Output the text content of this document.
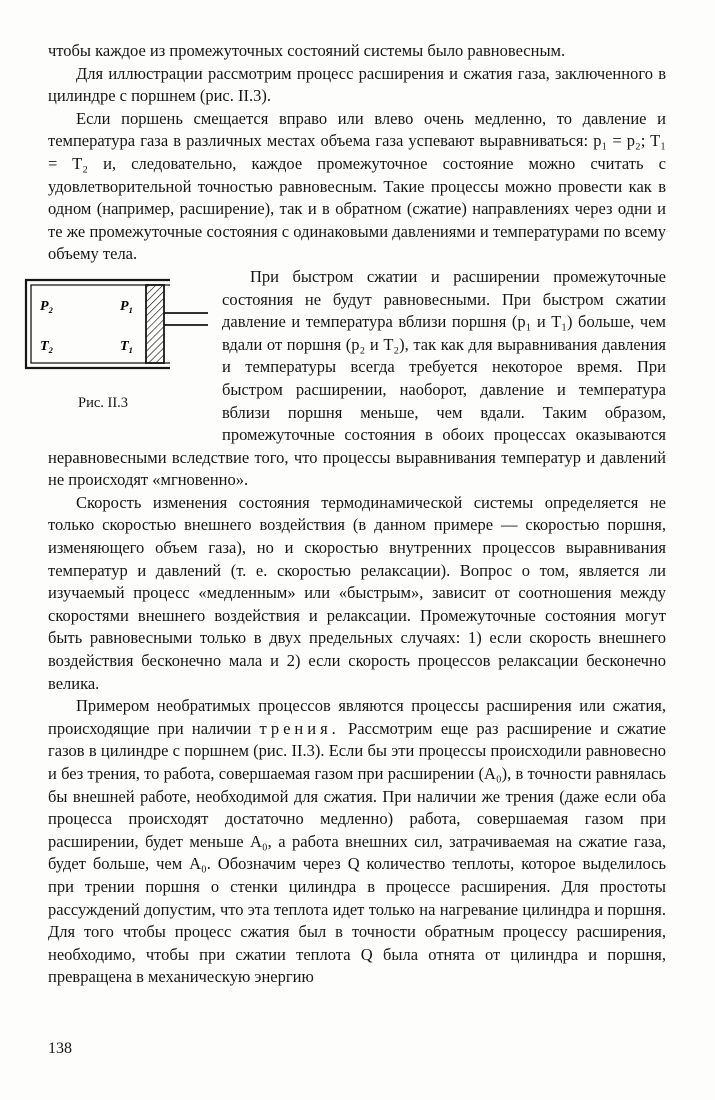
чтобы каждое из промежуточных состояний системы было равновесным.

Для иллюстрации рассмотрим процесс расширения и сжатия газа, заключенного в цилиндре с поршнем (рис. II.3).

Если поршень смещается вправо или влево очень медленно, то давление и температура газа в различных местах объема газа успевают выравниваться: p₁ = p₂; T₁ = T₂ и, следовательно, каждое промежуточное состояние можно считать с удовлетворительной точностью равновесным. Такие процессы можно провести как в одном (например, расширение), так и в обратном (сжатие) направлениях через одни и те же промежуточные состояния с одинаковыми давлениями и температурами по всему объему тела.

P₂	P₁
T₂	T₁
Рис. II.3
При быстром сжатии и расширении промежуточные состояния не будут равновесными. При быстром сжатии давление и температура вблизи поршня (p₁ и T₁) больше, чем вдали от поршня (p₂ и T₂), так как для выравнивания давления и температуры всегда требуется некоторое время. При быстром расширении, наоборот, давление и температура вблизи поршня меньше, чем вдали. Таким образом, промежуточные состояния в обоих процессах оказываются неравновесными вследствие того, что процессы выравнивания температур и давлений не происходят «мгновенно».

Скорость изменения состояния термодинамической системы определяется не только скоростью внешнего воздействия (в данном примере — скоростью поршня, изменяющего объем газа), но и скоростью внутренних процессов выравнивания температур и давлений (т. е. скоростью релаксации). Вопрос о том, является ли изучаемый процесс «медленным» или «быстрым», зависит от соотношения между скоростями внешнего воздействия и релаксации. Промежуточные состояния могут быть равновесными только в двух предельных случаях: 1) если скорость внешнего воздействия бесконечно мала и 2) если скорость процессов релаксации бесконечно велика.

Примером необратимых процессов являются процессы расширения или сжатия, происходящие при наличии трения. Рассмотрим еще раз расширение и сжатие газов в цилиндре с поршнем (рис. II.3). Если бы эти процессы происходили равновесно и без трения, то работа, совершаемая газом при расширении (A₀), в точности равнялась бы внешней работе, необходимой для сжатия. При наличии же трения (даже если оба процесса происходят достаточно медленно) работа, совершаемая газом при расширении, будет меньше A₀, а работа внешних сил, затрачиваемая на сжатие газа, будет больше, чем A₀. Обозначим через Q количество теплоты, которое выделилось при трении поршня о стенки цилиндра в процессе расширения. Для простоты рассуждений допустим, что эта теплота идет только на нагревание цилиндра и поршня. Для того чтобы процесс сжатия был в точности обратным процессу расширения, необходимо, чтобы при сжатии теплота Q была отнята от цилиндра и поршня, превращена в механическую энергию

138
